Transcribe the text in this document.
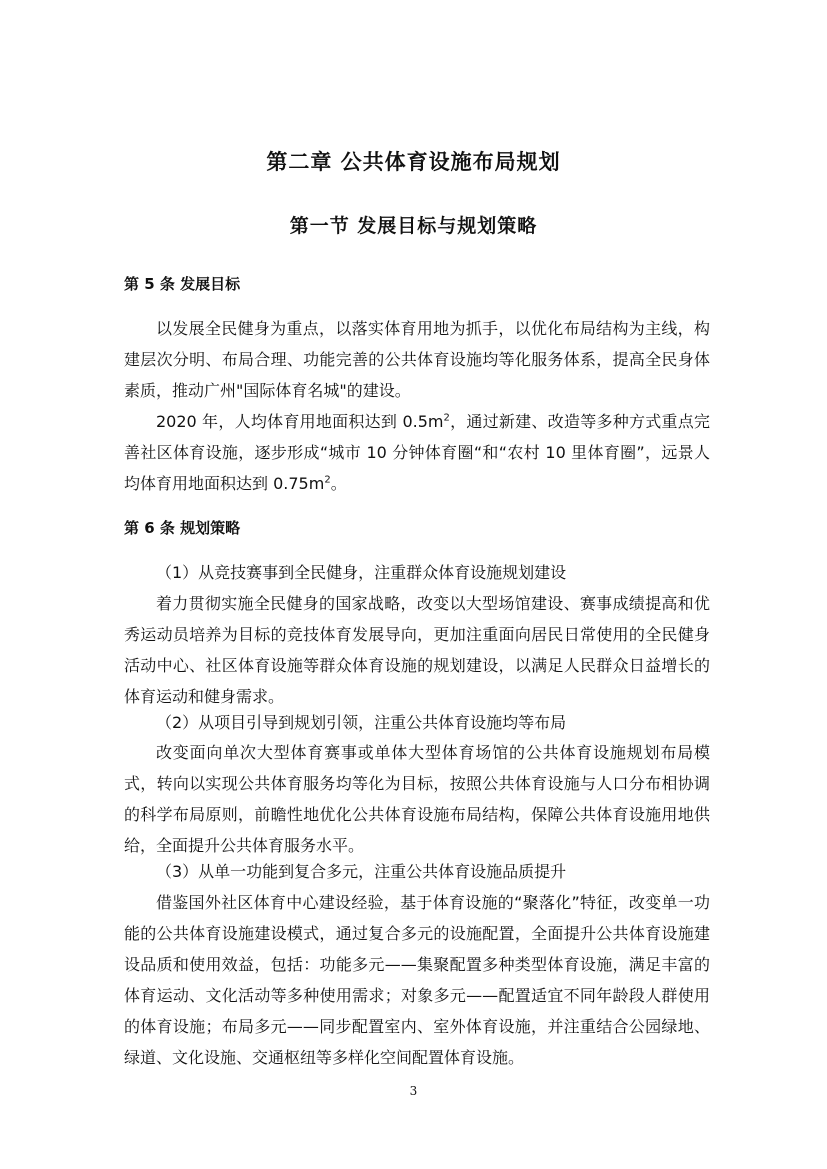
第二章 公共体育设施布局规划
第一节 发展目标与规划策略
第 5 条 发展目标

以发展全民健身为重点，以落实体育用地为抓手，以优化布局结构为主线，构建层次分明、布局合理、功能完善的公共体育设施均等化服务体系，提高全民身体素质，推动广州"国际体育名城"的建设。

2020 年，人均体育用地面积达到 $0.5m^2$，通过新建、改造等多种方式重点完善社区体育设施，逐步形成“城市 10 分钟体育圈“和“农村 10 里体育圈”，远景人均体育用地面积达到 $0.75m^2$。

第 6 条 规划策略

（1）从竞技赛事到全民健身，注重群众体育设施规划建设

着力贯彻实施全民健身的国家战略，改变以大型场馆建设、赛事成绩提高和优秀运动员培养为目标的竞技体育发展导向，更加注重面向居民日常使用的全民健身活动中心、社区体育设施等群众体育设施的规划建设，以满足人民群众日益增长的体育运动和健身需求。

（2）从项目引导到规划引领，注重公共体育设施均等布局

改变面向单次大型体育赛事或单体大型体育场馆的公共体育设施规划布局模式，转向以实现公共体育服务均等化为目标，按照公共体育设施与人口分布相协调的科学布局原则，前瞻性地优化公共体育设施布局结构，保障公共体育设施用地供给，全面提升公共体育服务水平。

（3）从单一功能到复合多元，注重公共体育设施品质提升

借鉴国外社区体育中心建设经验，基于体育设施的“聚落化”特征，改变单一功能的公共体育设施建设模式，通过复合多元的设施配置，全面提升公共体育设施建设品质和使用效益，包括：功能多元——集聚配置多种类型体育设施，满足丰富的体育运动、文化活动等多种使用需求；对象多元——配置适宜不同年龄段人群使用的体育设施；布局多元——同步配置室内、室外体育设施，并注重结合公园绿地、绿道、文化设施、交通枢纽等多样化空间配置体育设施。

3
